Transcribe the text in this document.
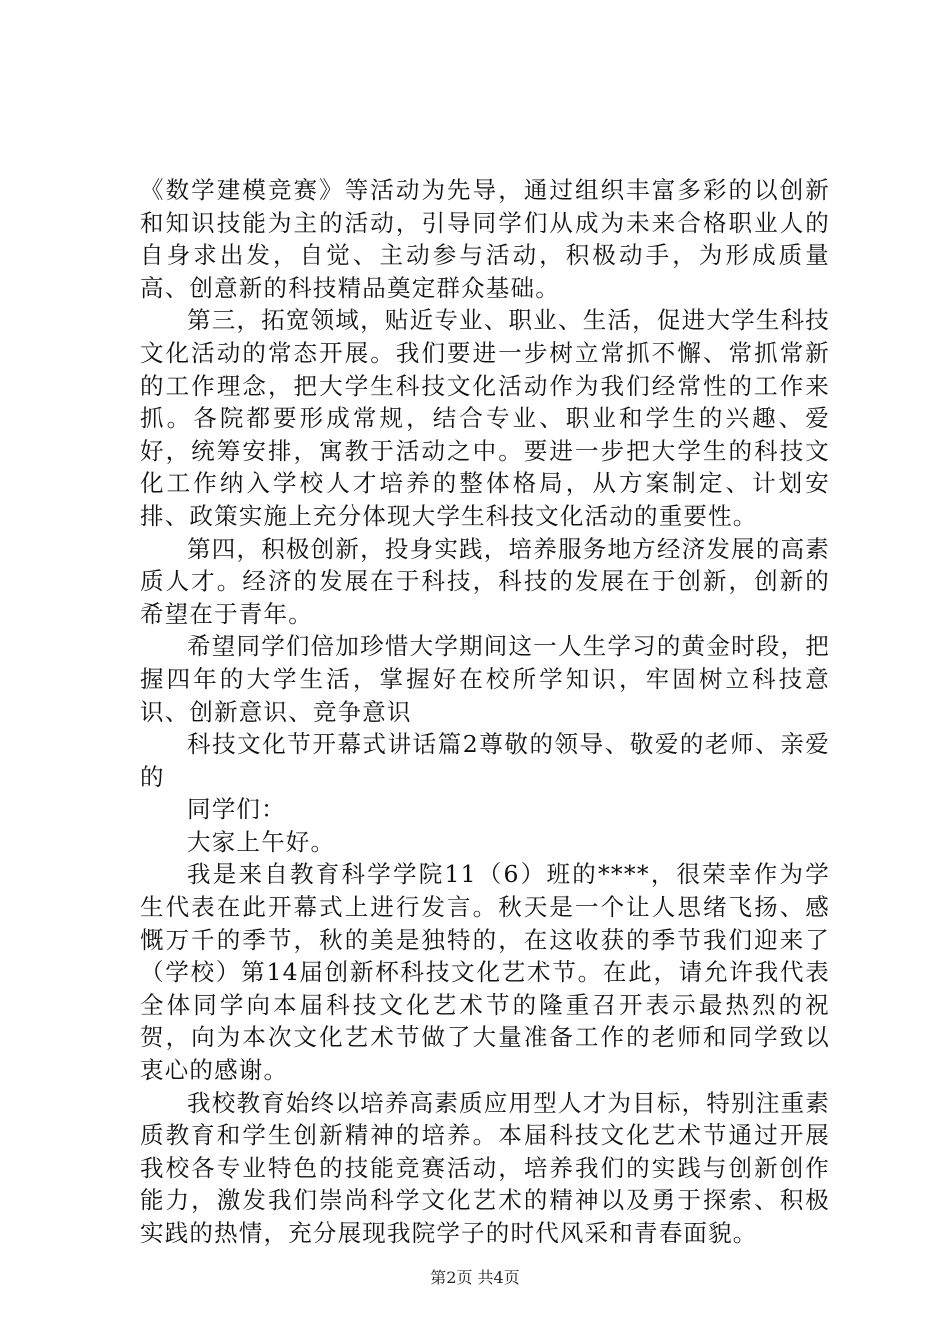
《数学建模竞赛》等活动为先导，通过组织丰富多彩的以创新和知识技能为主的活动，引导同学们从成为未来合格职业人的自身求出发，自觉、主动参与活动，积极动手，为形成质量高、创意新的科技精品奠定群众基础。

第三，拓宽领域，贴近专业、职业、生活，促进大学生科技文化活动的常态开展。我们要进一步树立常抓不懈、常抓常新的工作理念，把大学生科技文化活动作为我们经常性的工作来抓。各院都要形成常规，结合专业、职业和学生的兴趣、爱好，统筹安排，寓教于活动之中。要进一步把大学生的科技文化工作纳入学校人才培养的整体格局，从方案制定、计划安排、政策实施上充分体现大学生科技文化活动的重要性。

第四，积极创新，投身实践，培养服务地方经济发展的高素质人才。经济的发展在于科技，科技的发展在于创新，创新的希望在于青年。

希望同学们倍加珍惜大学期间这一人生学习的黄金时段，把握四年的大学生活，掌握好在校所学知识，牢固树立科技意识、创新意识、竞争意识

科技文化节开幕式讲话篇2尊敬的领导、敬爱的老师、亲爱的

同学们：

大家上午好。

我是来自教育科学学院11（6）班的****，很荣幸作为学生代表在此开幕式上进行发言。秋天是一个让人思绪飞扬、感慨万千的季节，秋的美是独特的，在这收获的季节我们迎来了（学校）第14届创新杯科技文化艺术节。在此，请允许我代表全体同学向本届科技文化艺术节的隆重召开表示最热烈的祝贺，向为本次文化艺术节做了大量准备工作的老师和同学致以衷心的感谢。

我校教育始终以培养高素质应用型人才为目标，特别注重素质教育和学生创新精神的培养。本届科技文化艺术节通过开展我校各专业特色的技能竞赛活动，培养我们的实践与创新创作能力，激发我们崇尚科学文化艺术的精神以及勇于探索、积极实践的热情，充分展现我院学子的时代风采和青春面貌。

第2页 共4页
